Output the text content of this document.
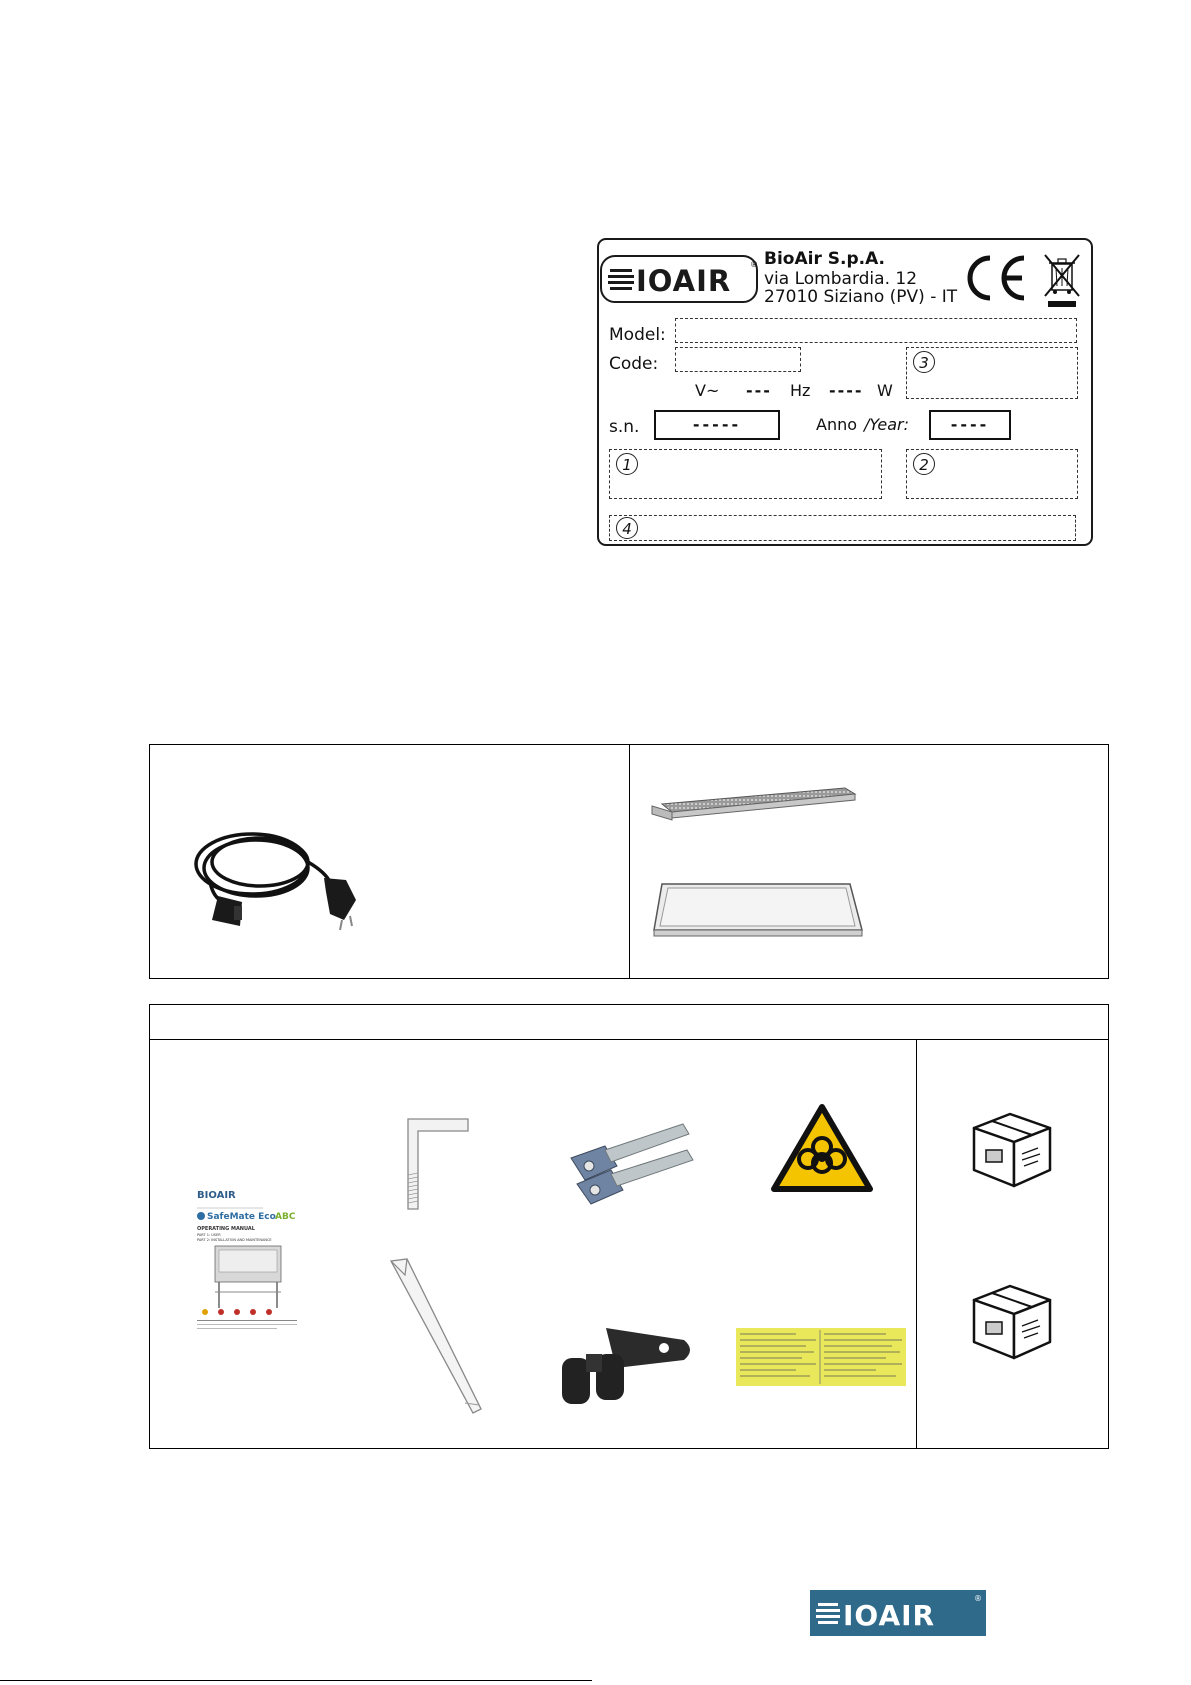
IOAIR ® BioAir S.p.A.
via Lombardia. 12
27010 Siziano (PV) - IT
Model:
Code:	3
V~ --- Hz ---- W
s.n.	-----	Anno /Year:	----
1	2
4
BIOAIR
SafeMate Eco ABC
OPERATING MANUAL
PART 1: USER
PART 2: INSTALLATION AND MAINTENANCE
IOAIR
®
